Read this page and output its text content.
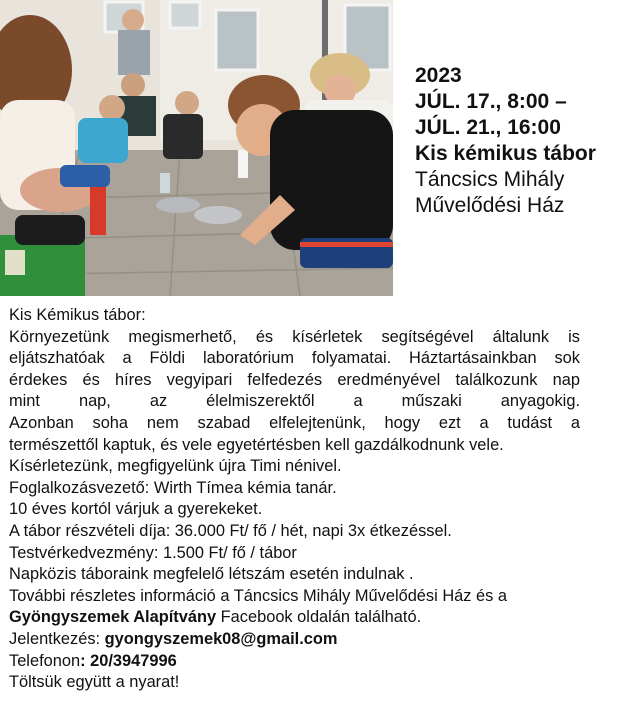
2023
JÚL. 17., 8:00 –
JÚL. 21., 16:00
Kis kémikus tábor
Táncsics Mihály
Művelődési Ház
Kis Kémikus tábor:
Környezetünk megismerhető, és kísérletek segítségével általunk is
eljátszhatóak a Földi laboratórium folyamatai. Háztartásainkban sok
érdekes és híres vegyipari felfedezés eredményével találkozunk nap
mint nap, az élelmiszerektől a műszaki anyagokig.
Azonban soha nem szabad elfelejtenünk, hogy ezt a tudást a
természettől kaptuk, és vele egyetértésben kell gazdálkodnunk vele.
Kísérletezünk, megfigyelünk újra Timi nénivel.
Foglalkozásvezető: Wirth Tímea kémia tanár.
10 éves kortól várjuk a gyerekeket.
A tábor részvételi díja: 36.000 Ft/ fő / hét, napi 3x étkezéssel.
Testvérkedvezmény: 1.500 Ft/ fő / tábor
Napközis táboraink megfelelő létszám esetén indulnak .
További részletes információ a Táncsics Mihály Művelődési Ház és a
Gyöngyszemek Alapítvány Facebook oldalán található.
Jelentkezés: gyongyszemek08@gmail.com
Telefonon: 20/3947996
Töltsük együtt a nyarat!
